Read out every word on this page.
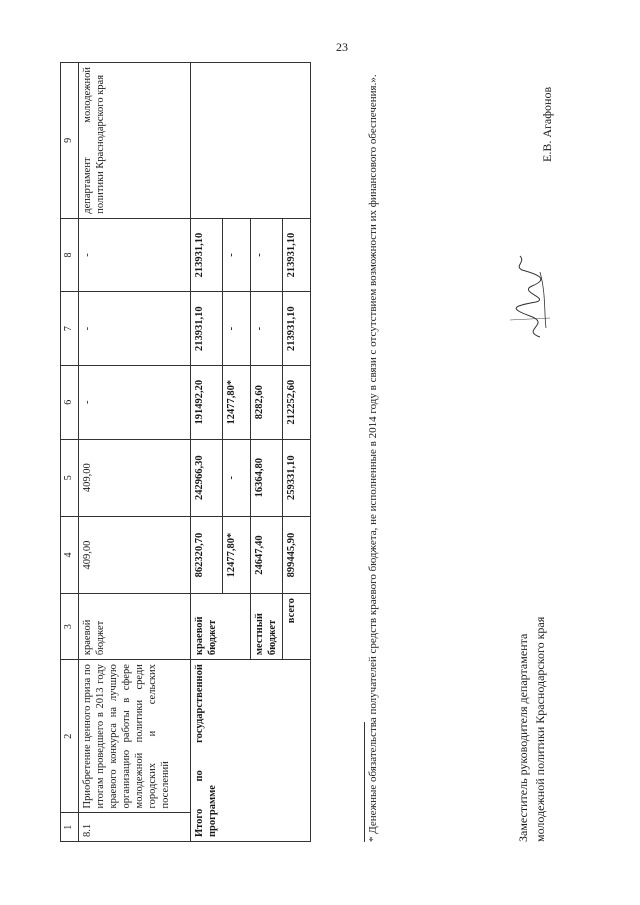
23
1	2	3	4	5	6	7	8	9
8.1	Приобретение ценного приза по итогам проведшего в 2013 году краевого конкурса на лучшую организацию работы в сфере молодежной политики среди городских и сельских поселений	краевой бюджет	409,00	409,00	-	-	-	департамент молодежной политики Краснодарского края
Итого по государственной программе		краевой бюджет	862320,70	242966,30	191492,20	213931,10	213931,10	
			12477,80*	-	12477,80*	-	-	
		местный бюджет	24647,40	16364,80	8282,60	-	-	
		всего	899445,90	259331,10	212252,60	213931,10	213931,10		* Денежные обязательства получателей средств краевого бюджета, не исполненные в 2014 году в связи с отсутствием возможности их финансового обеспечения.».	Заместитель руководителя департамента молодежной политики Краснодарского края
Е.В. Агафонов
